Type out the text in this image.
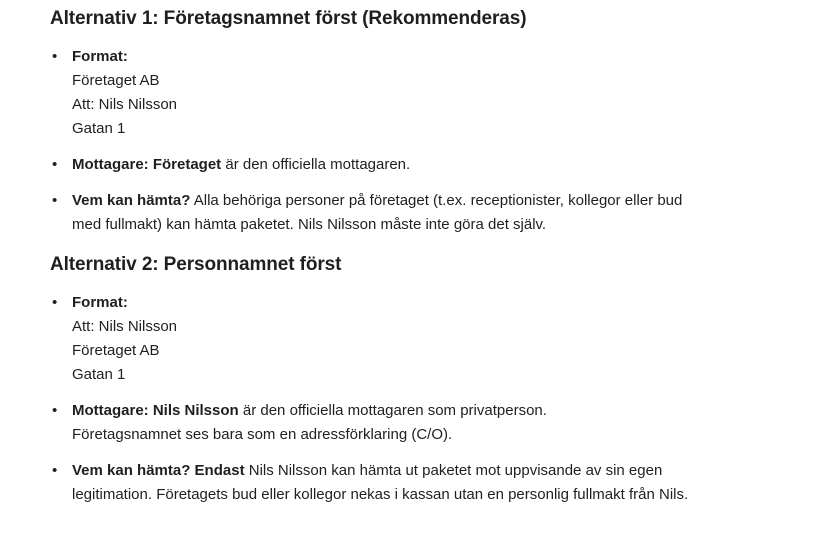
Alternativ 1: Företagsnamnet först (Rekommenderas)
• Format:
Företaget AB
Att: Nils Nilsson
Gatan 1
• Mottagare: Företaget är den officiella mottagaren.
• Vem kan hämta? Alla behöriga personer på företaget (t.ex. receptionister, kollegor eller bud med fullmakt) kan hämta paketet. Nils Nilsson måste inte göra det själv.
Alternativ 2: Personnamnet först
• Format:
Att: Nils Nilsson
Företaget AB
Gatan 1
• Mottagare: Nils Nilsson är den officiella mottagaren som privatperson. Företagsnamnet ses bara som en adressförklaring (C/O).
• Vem kan hämta? Endast Nils Nilsson kan hämta ut paketet mot uppvisande av sin egen legitimation. Företagets bud eller kollegor nekas i kassan utan en personlig fullmakt från Nils.
